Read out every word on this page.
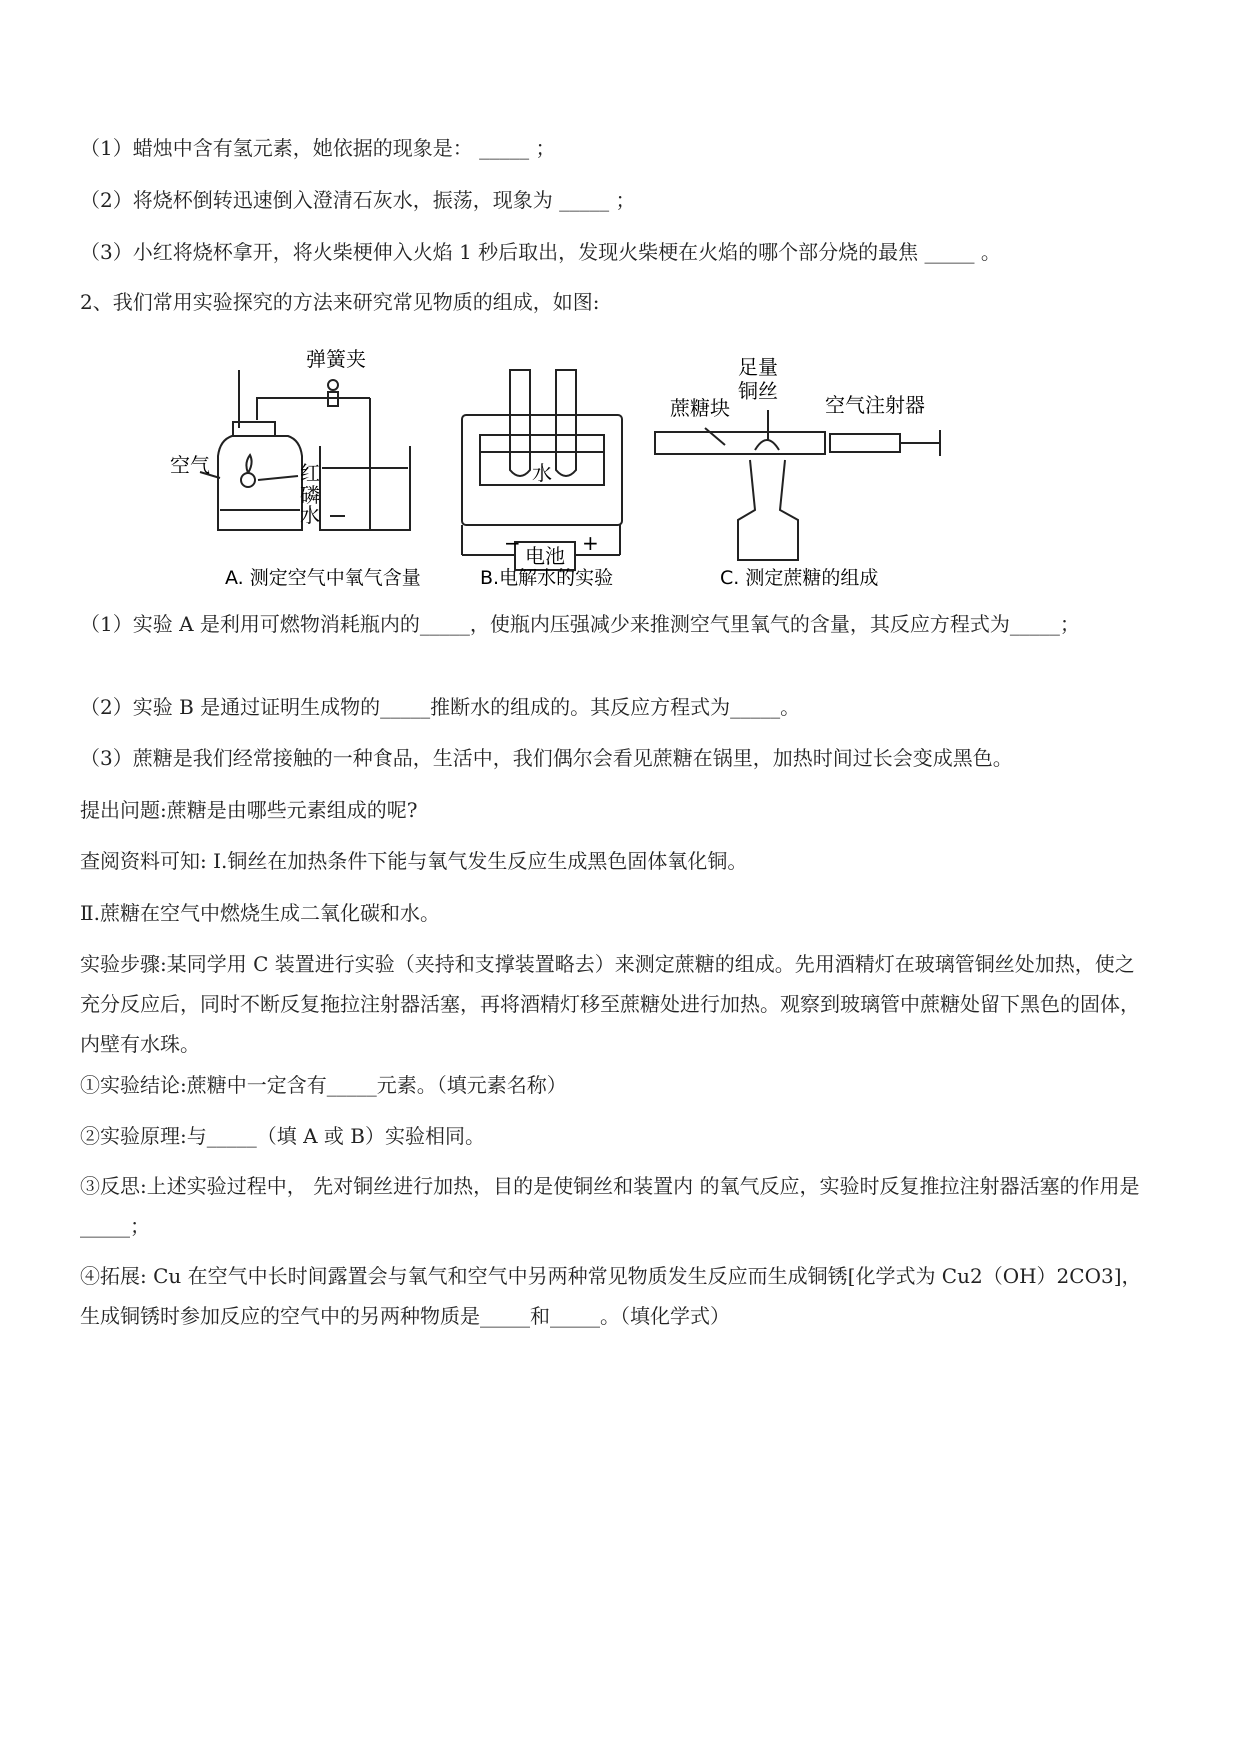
（1）蜡烛中含有氢元素，她依据的现象是： _____ ；
（2）将烧杯倒转迅速倒入澄清石灰水，振荡，现象为 _____ ；
（3）小红将烧杯拿开，将火柴梗伸入火焰 1 秒后取出，发现火柴梗在火焰的哪个部分烧的最焦 _____ 。
2、我们常用实验探究的方法来研究常见物质的组成，如图:
弹簧夹
空气	红
磷
水
水
电池
−	+
足量
铜丝
蔗糖块	空气注射器
A. 测定空气中氧气含量	B.电解水的实验	C. 测定蔗糖的组成
（1）实验 A 是利用可燃物消耗瓶内的_____，使瓶内压强减少来推测空气里氧气的含量，其反应方程式为_____；
（2）实验 B 是通过证明生成物的_____推断水的组成的。其反应方程式为_____。
（3）蔗糖是我们经常接触的一种食品，生活中，我们偶尔会看见蔗糖在锅里，加热时间过长会变成黑色。
提出问题:蔗糖是由哪些元素组成的呢?
查阅资料可知: Ⅰ.铜丝在加热条件下能与氧气发生反应生成黑色固体氧化铜。
Ⅱ.蔗糖在空气中燃烧生成二氧化碳和水。
实验步骤:某同学用 C 装置进行实验（夹持和支撑装置略去）来测定蔗糖的组成。先用酒精灯在玻璃管铜丝处加热，使之充分反应后，同时不断反复拖拉注射器活塞，再将酒精灯移至蔗糖处进行加热。观察到玻璃管中蔗糖处留下黑色的固体，内壁有水珠。
①实验结论:蔗糖中一定含有_____元素。（填元素名称）
②实验原理:与_____（填 A 或 B）实验相同。
③反思:上述实验过程中， 先对铜丝进行加热，目的是使铜丝和装置内 的氧气反应，实验时反复推拉注射器活塞的作用是_____；
④拓展: Cu 在空气中长时间露置会与氧气和空气中另两种常见物质发生反应而生成铜锈[化学式为 Cu2（OH）2CO3]，生成铜锈时参加反应的空气中的另两种物质是_____和_____。（填化学式）
